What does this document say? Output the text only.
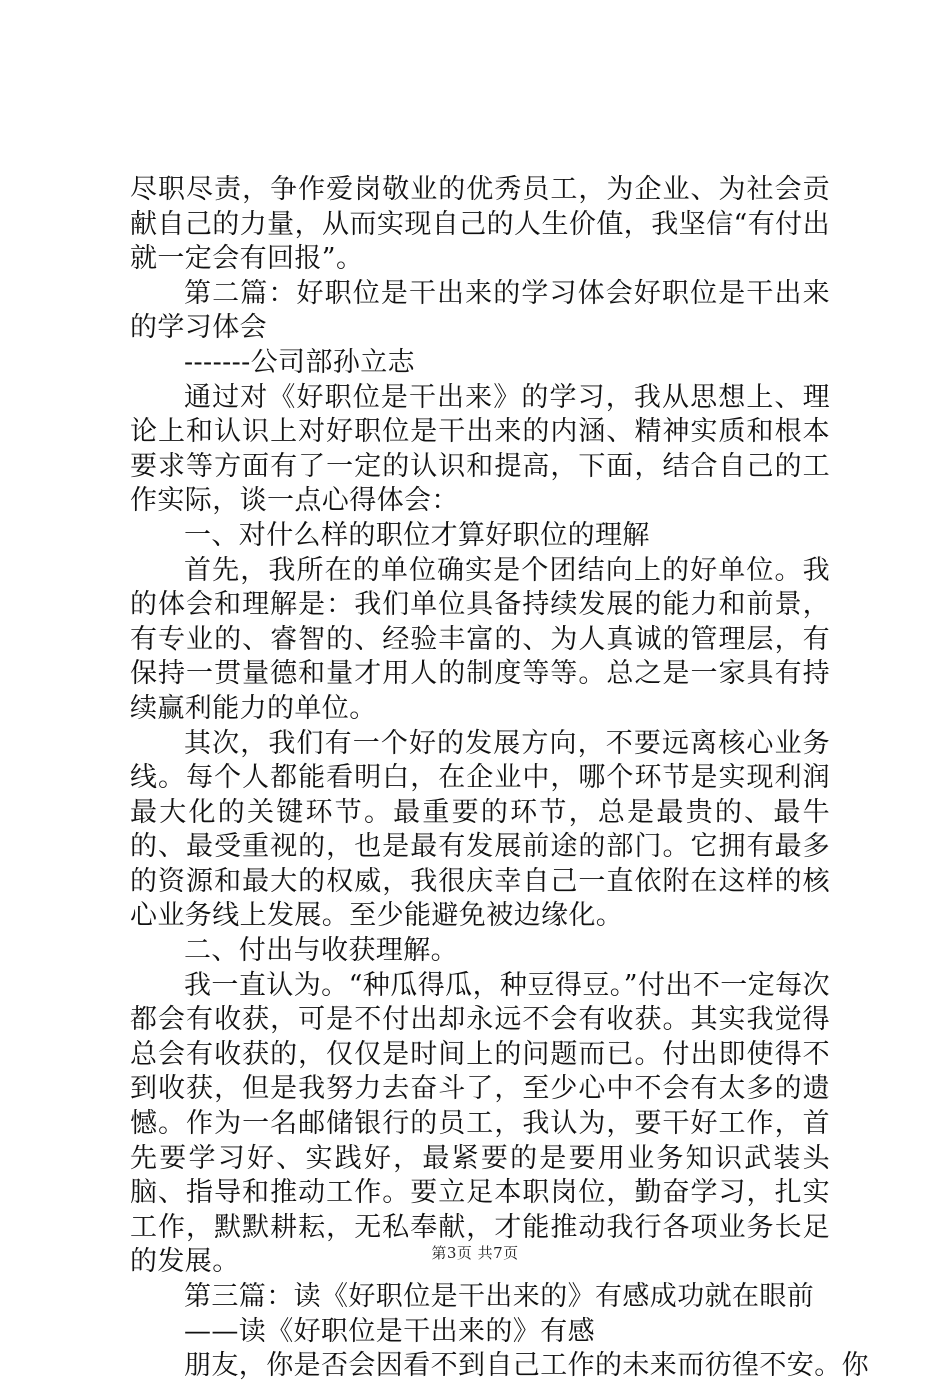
尽职尽责，争作爱岗敬业的优秀员工，为企业、为社会贡献自己的力量，从而实现自己的人生价值，我坚信“有付出就一定会有回报”。

第二篇：好职位是干出来的学习体会好职位是干出来的学习体会

-------公司部孙立志

通过对《好职位是干出来》的学习，我从思想上、理论上和认识上对好职位是干出来的内涵、精神实质和根本要求等方面有了一定的认识和提高，下面，结合自己的工作实际，谈一点心得体会：

一、对什么样的职位才算好职位的理解

首先，我所在的单位确实是个团结向上的好单位。我的体会和理解是：我们单位具备持续发展的能力和前景，有专业的、睿智的、经验丰富的、为人真诚的管理层，有保持一贯量德和量才用人的制度等等。总之是一家具有持续赢利能力的单位。

其次，我们有一个好的发展方向，不要远离核心业务线。每个人都能看明白，在企业中，哪个环节是实现利润最大化的关键环节。最重要的环节，总是最贵的、最牛的、最受重视的，也是最有发展前途的部门。它拥有最多的资源和最大的权威，我很庆幸自己一直依附在这样的核心业务线上发展。至少能避免被边缘化。

二、付出与收获理解。

我一直认为。“种瓜得瓜，种豆得豆。”付出不一定每次都会有收获，可是不付出却永远不会有收获。其实我觉得总会有收获的，仅仅是时间上的问题而已。付出即使得不到收获，但是我努力去奋斗了，至少心中不会有太多的遗憾。作为一名邮储银行的员工，我认为，要干好工作，首先要学习好、实践好，最紧要的是要用业务知识武装头脑、指导和推动工作。要立足本职岗位，勤奋学习，扎实工作，默默耕耘，无私奉献，才能推动我行各项业务长足的发展。

第三篇：读《好职位是干出来的》有感成功就在眼前

——读《好职位是干出来的》有感

朋友，你是否会因看不到自己工作的未来而彷徨不安。你

第3页 共7页
